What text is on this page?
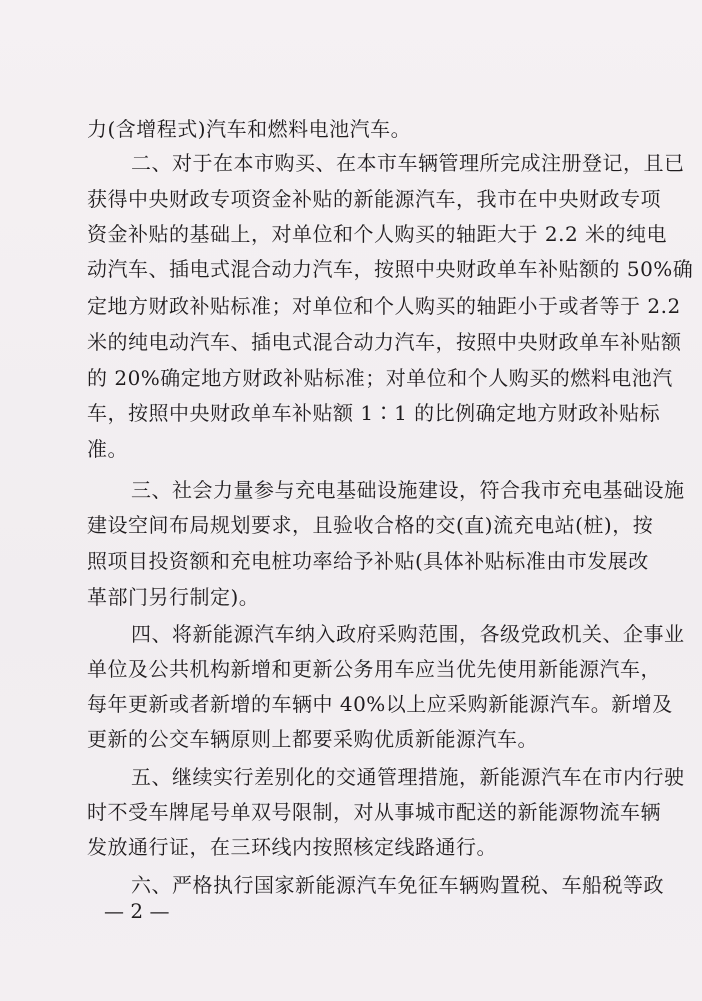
力(含增程式)汽车和燃料电池汽车。
二、对于在本市购买、在本市车辆管理所完成注册登记，且已
获得中央财政专项资金补贴的新能源汽车，我市在中央财政专项
资金补贴的基础上，对单位和个人购买的轴距大于 2.2 米的纯电
动汽车、插电式混合动力汽车，按照中央财政单车补贴额的 50%确
定地方财政补贴标准；对单位和个人购买的轴距小于或者等于 2.2
米的纯电动汽车、插电式混合动力汽车，按照中央财政单车补贴额
的 20%确定地方财政补贴标准；对单位和个人购买的燃料电池汽
车，按照中央财政单车补贴额 1∶1 的比例确定地方财政补贴标
准。
三、社会力量参与充电基础设施建设，符合我市充电基础设施
建设空间布局规划要求，且验收合格的交(直)流充电站(桩)，按
照项目投资额和充电桩功率给予补贴(具体补贴标准由市发展改
革部门另行制定)。
四、将新能源汽车纳入政府采购范围，各级党政机关、企事业
单位及公共机构新增和更新公务用车应当优先使用新能源汽车，
每年更新或者新增的车辆中 40%以上应采购新能源汽车。新增及
更新的公交车辆原则上都要采购优质新能源汽车。
五、继续实行差别化的交通管理措施，新能源汽车在市内行驶
时不受车牌尾号单双号限制，对从事城市配送的新能源物流车辆
发放通行证，在三环线内按照核定线路通行。
六、严格执行国家新能源汽车免征车辆购置税、车船税等政
— 2 —
